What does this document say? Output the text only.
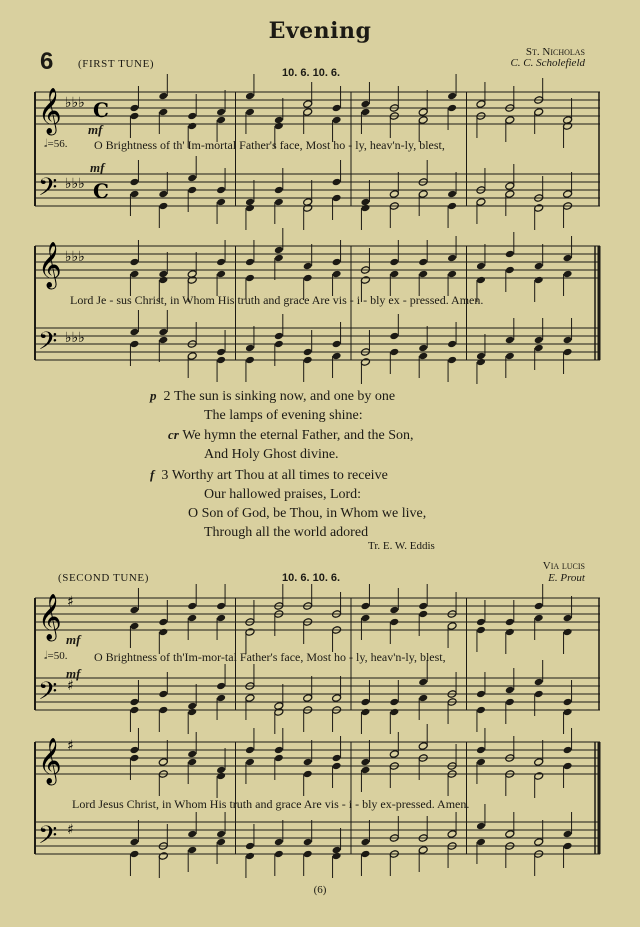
Evening
6 (FIRST TUNE)
10. 6. 10. 6.
St. Nicholas
C. C. Scholefield
𝄞
𝄢
♭♭♭
♭♭♭
C
C
mf
𝅗𝅥=56. O Brightness of th' Im-mortal Father's face, Most ho - ly, heav'n-ly, blest,
mf
𝄞
𝄢
♭♭♭
♭♭♭
Lord Je - sus Christ, in Whom His truth and grace Are vis - i - bly ex - pressed. Amen.
p 2 The sun is sinking now, and one by one
The lamps of evening shine:
cr We hymn the eternal Father, and the Son,
And Holy Ghost divine.
f 3 Worthy art Thou at all times to receive
Our hallowed praises, Lord:
O Son of God, be Thou, in Whom we live,
Through all the world adored
Tr. E. W. Eddis
(SECOND TUNE)	10. 6. 10. 6.
Via lucis
E. Prout
𝄞
𝄢
♯
♯
mf
𝅗𝅥=50. O Brightness of th'Im-mor-tal Father's face, Most ho - ly, heav'n-ly, blest,
mf
𝄞
𝄢
♯
♯
Lord Jesus Christ, in Whom His truth and grace Are vis - i - bly ex-pressed. Amen.
(6)
